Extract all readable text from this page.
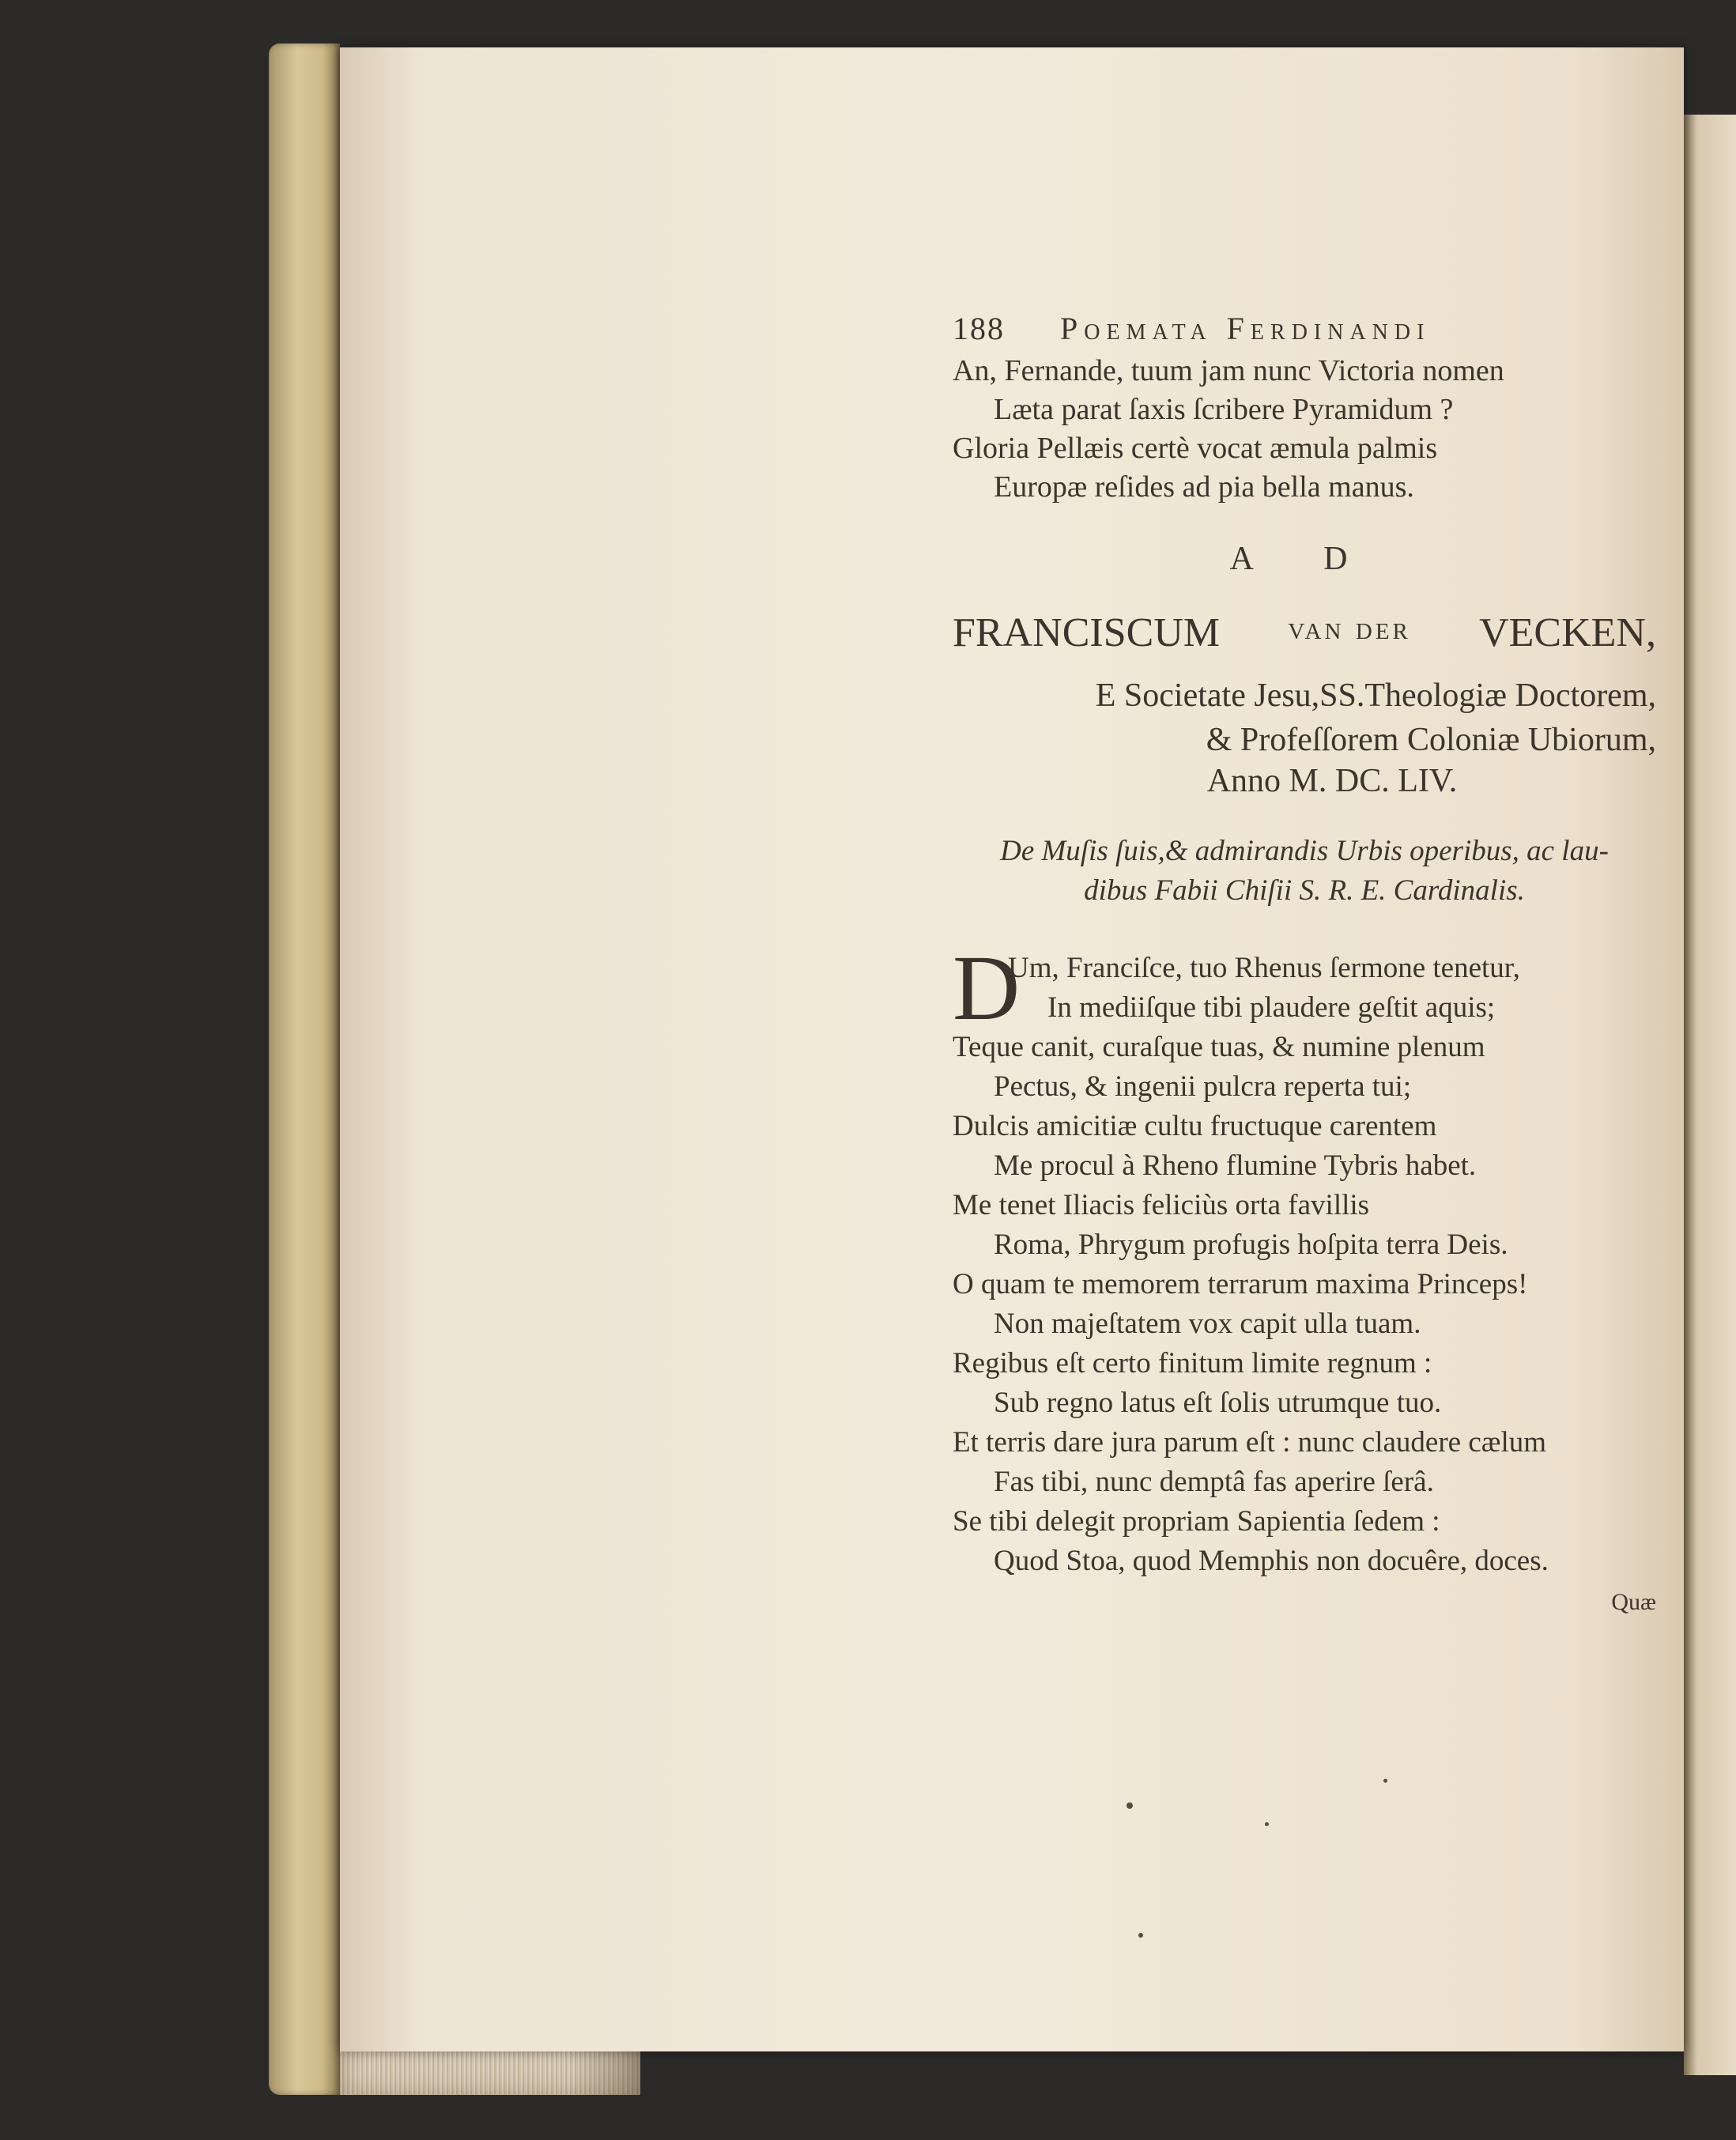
188 Poemata Ferdinandi
An, Fernande, tuum jam nunc Victoria nomen
Læta parat ſaxis ſcribere Pyramidum ?
Gloria Pellæis certè vocat æmula palmis
Europæ reſides ad pia bella manus.
A D
FRANCISCUM van der VECKEN,
E Societate Jesu,SS.Theologiæ Doctorem,
& Profeſſorem Coloniæ Ubiorum,
Anno M. DC. LIV.
De Muſis ſuis,& admirandis Urbis operibus, ac lau-
dibus Fabii Chiſii S. R. E. Cardinalis.
D
Um, Franciſce, tuo Rhenus ſermone tenetur,
In mediiſque tibi plaudere geſtit aquis;
Teque canit, curaſque tuas, & numine plenum
Pectus, & ingenii pulcra reperta tui;
Dulcis amicitiæ cultu fructuque carentem
Me procul à Rheno flumine Tybris habet.
Me tenet Iliacis feliciùs orta favillis
Roma, Phrygum profugis hoſpita terra Deis.
O quam te memorem terrarum maxima Princeps!
Non majeſtatem vox capit ulla tuam.
Regibus eſt certo finitum limite regnum :
Sub regno latus eſt ſolis utrumque tuo.
Et terris dare jura parum eſt : nunc claudere cælum
Fas tibi, nunc demptâ fas aperire ſerâ.
Se tibi delegit propriam Sapientia ſedem :
Quod Stoa, quod Memphis non docuêre, doces.
Quæ
